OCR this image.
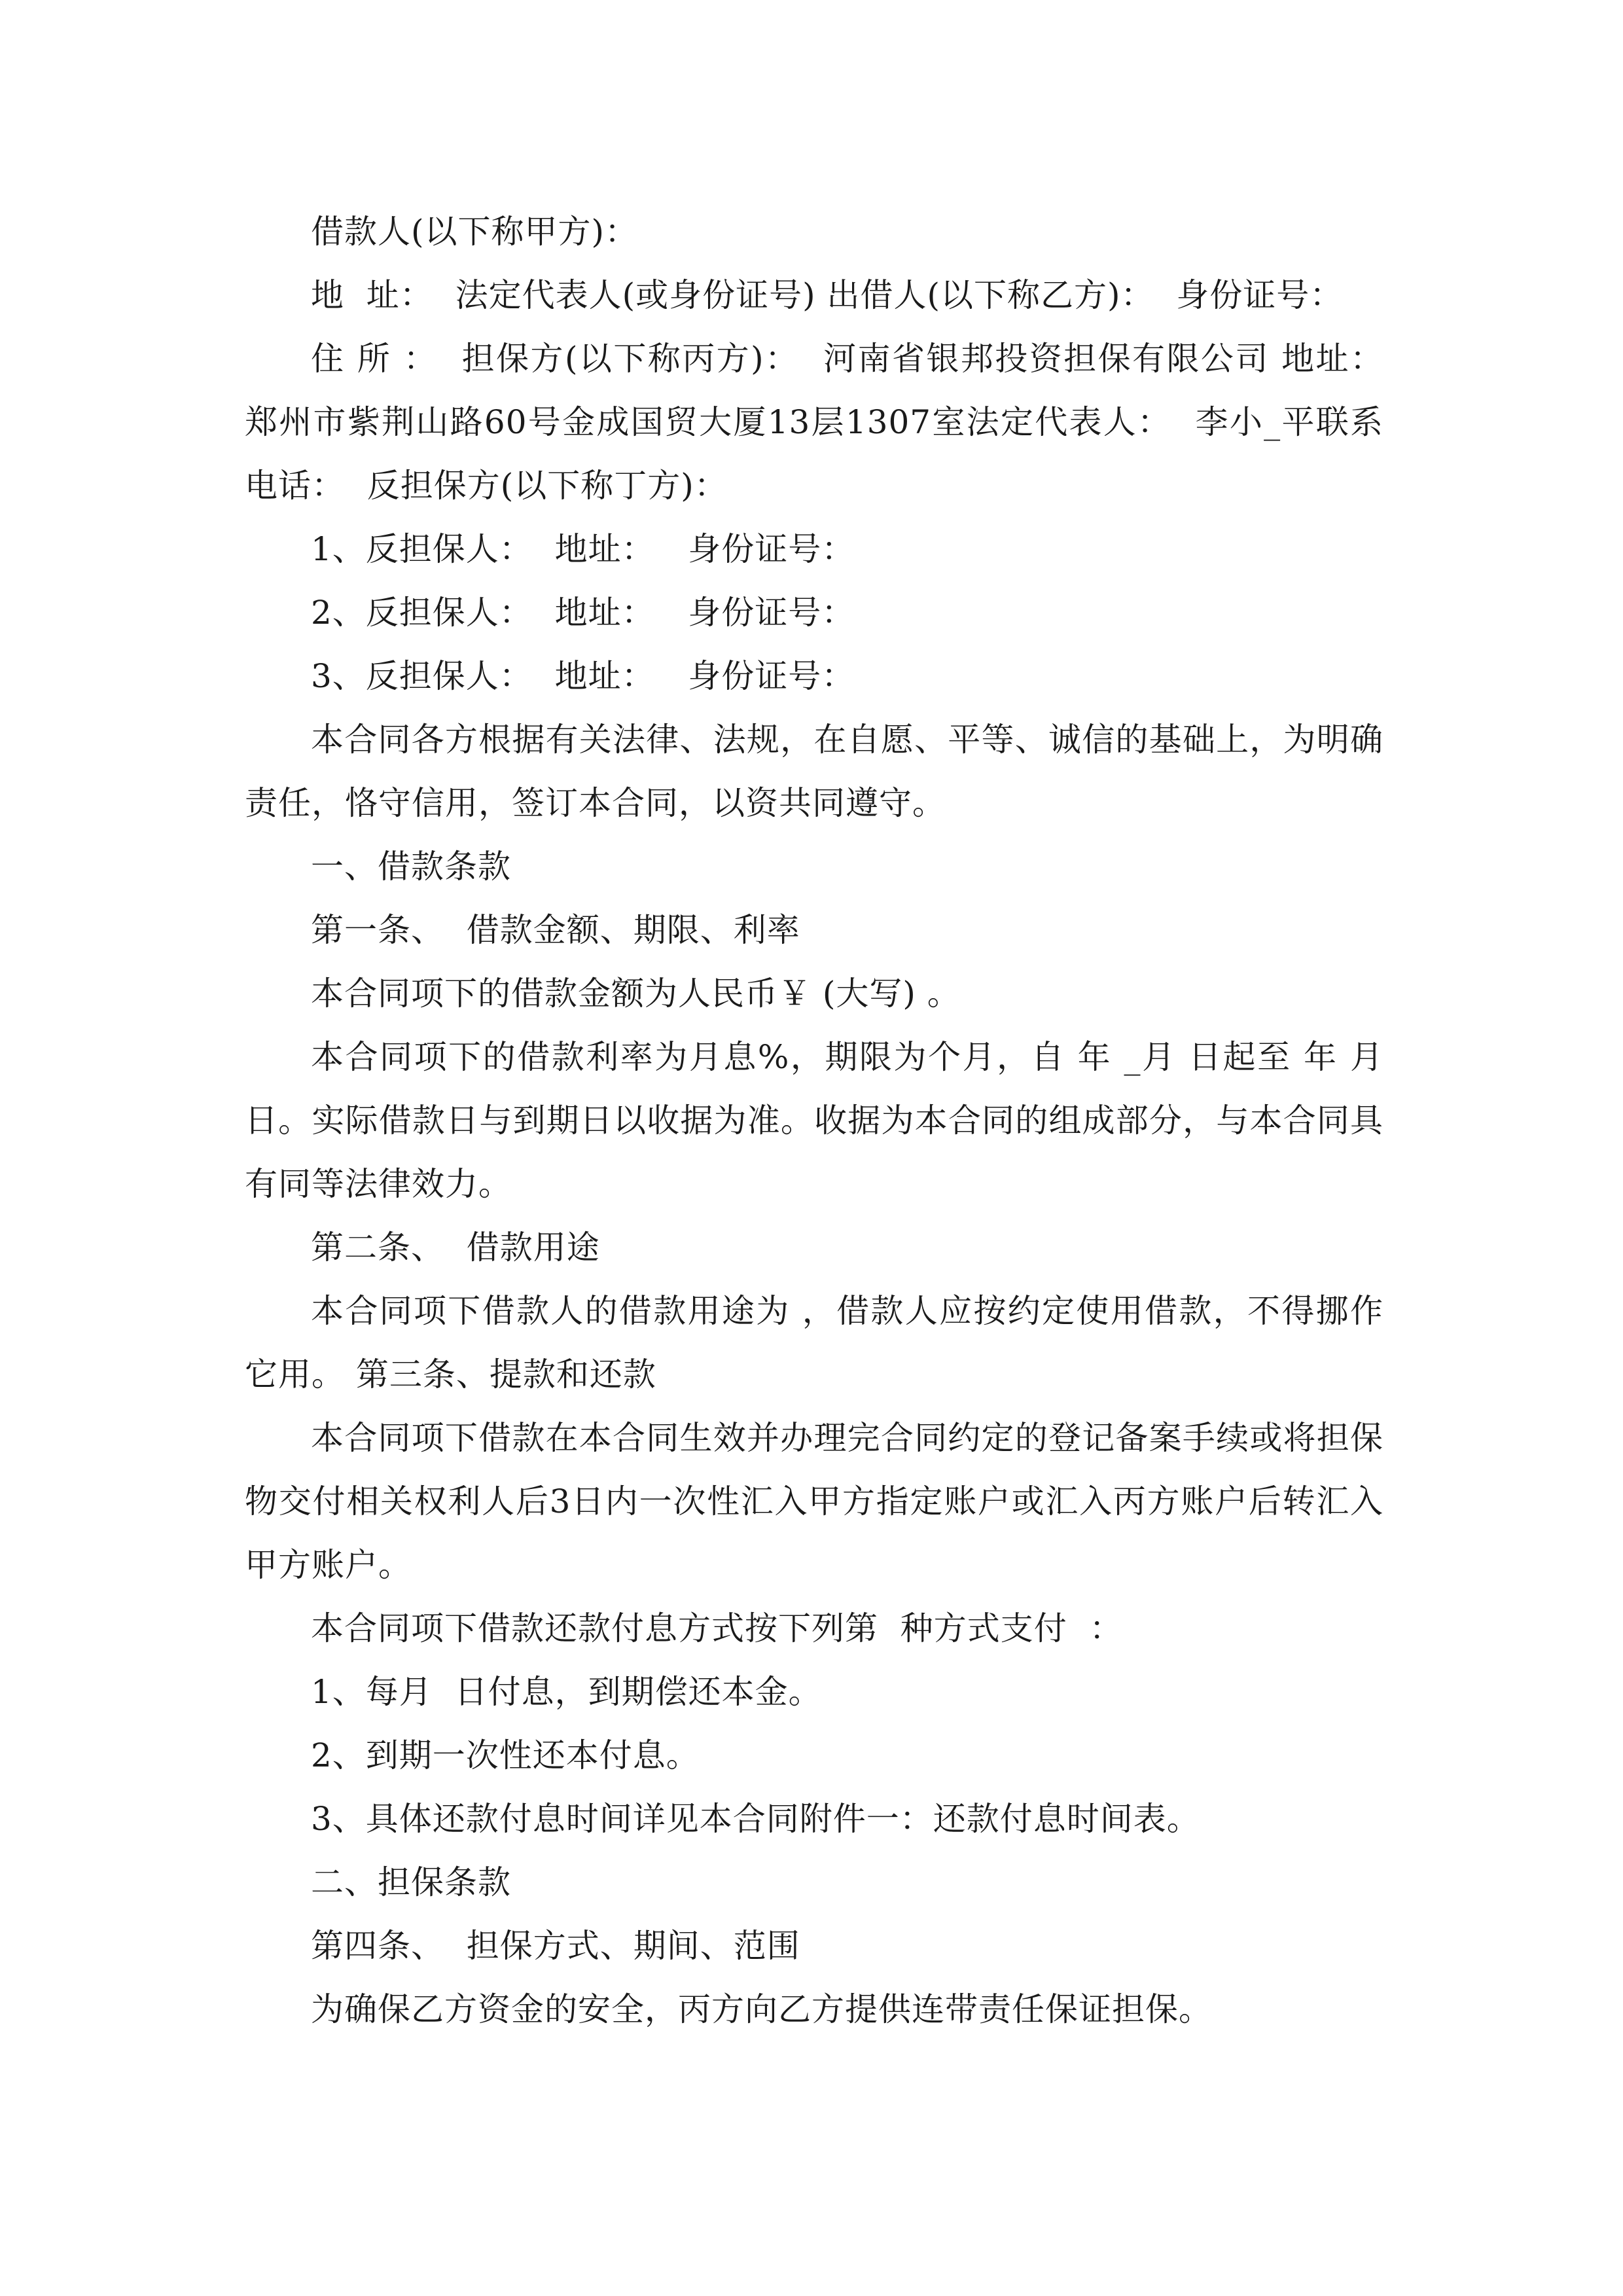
借款人(以下称甲方)：

地  址：  法定代表人(或身份证号) 出借人(以下称乙方)：  身份证号：

住 所 ：  担保方(以下称丙方)：  河南省银邦投资担保有限公司 地址：  郑州市紫荆山路60号金成国贸大厦13层1307室法定代表人：  李小_平联系电话：  反担保方(以下称丁方)：

1、反担保人：  地址：   身份证号：

2、反担保人：  地址：   身份证号：

3、反担保人：  地址：   身份证号：

本合同各方根据有关法律、法规，在自愿、平等、诚信的基础上，为明确责任，恪守信用，签订本合同，以资共同遵守。

一、借款条款

第一条、  借款金额、期限、利率

本合同项下的借款金额为人民币￥ (大写) 。

本合同项下的借款利率为月息%，期限为个月，自 年 _月 日起至 年 月 日。实际借款日与到期日以收据为准。收据为本合同的组成部分，与本合同具有同等法律效力。

第二条、  借款用途

本合同项下借款人的借款用途为 ，借款人应按约定使用借款，不得挪作它用。 第三条、提款和还款

本合同项下借款在本合同生效并办理完合同约定的登记备案手续或将担保物交付相关权利人后3日内一次性汇入甲方指定账户或汇入丙方账户后转汇入甲方账户。

本合同项下借款还款付息方式按下列第  种方式支付  ：

1、每月  日付息，到期偿还本金。

2、到期一次性还本付息。

3、具体还款付息时间详见本合同附件一：还款付息时间表。

二、担保条款

第四条、  担保方式、期间、范围

为确保乙方资金的安全，丙方向乙方提供连带责任保证担保。
